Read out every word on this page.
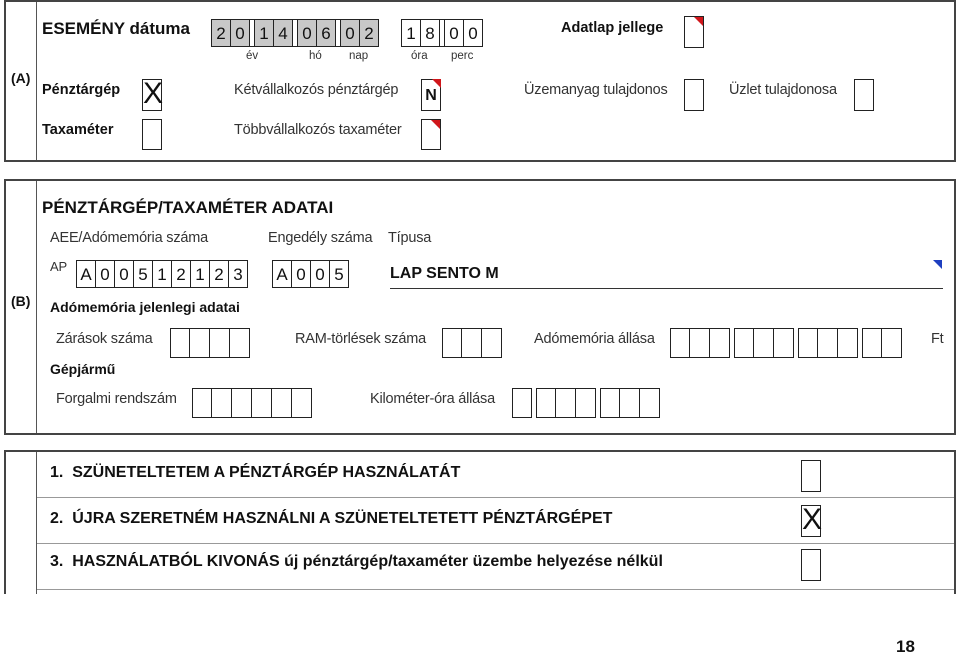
(A)
ESEMÉNY dátuma 2 0 1 4 0 6 0 2
év	hó nap
1 8 0 0
óra perc
Adatlap jellege
Pénztárgép X	Kétvállalkozós pénztárgép N	Üzemanyag tulajdonos	Üzlet tulajdonosa
Taxaméter	Többvállalkozós taxaméter
(B)
PÉNZTÁRGÉP/TAXAMÉTER ADATAI
AEE/Adómemória száma	Engedély száma Típusa
AP A 0 0 5 1 2 1 2 3 A 0 0 5	LAP SENTO M
Adómemória jelenlegi adatai
Zárások száma	RAM-törlések száma	Adómemória állása	Ft
Gépjármű
Forgalmi rendszám	Kilométer-óra állása
1.  SZÜNETELTETEM A PÉNZTÁRGÉP HASZNÁLATÁT
2.  ÚJRA SZERETNÉM HASZNÁLNI A SZÜNETELTETETT PÉNZTÁRGÉPET	X
3.  HASZNÁLATBÓL KIVONÁS új pénztárgép/taxaméter üzembe helyezése nélkül
18
